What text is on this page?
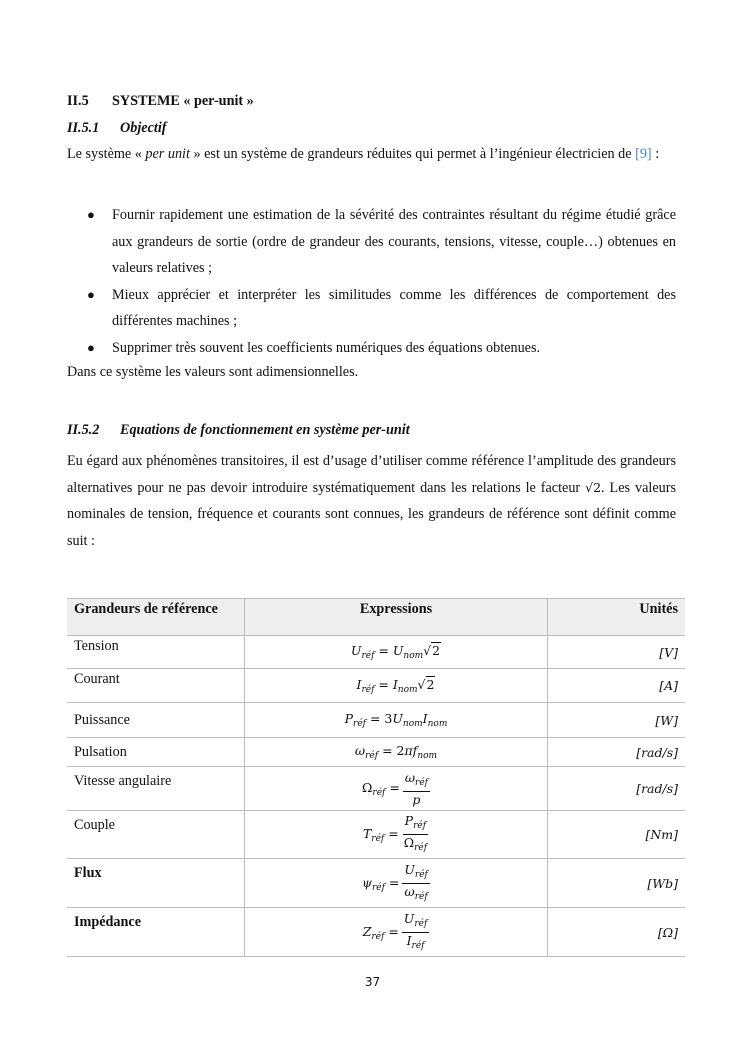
II.5 SYSTEME « per-unit »
II.5.1 Objectif
Le système « per unit » est un système de grandeurs réduites qui permet à l’ingénieur électricien de [9] :
● Fournir rapidement une estimation de la sévérité des contraintes résultant du régime étudié grâce aux grandeurs de sortie (ordre de grandeur des courants, tensions, vitesse, couple…) obtenues en valeurs relatives ;
● Mieux apprécier et interpréter les similitudes comme les différences de comportement des différentes machines ;
● Supprimer très souvent les coefficients numériques des équations obtenues.
Dans ce système les valeurs sont adimensionnelles.
II.5.2 Equations de fonctionnement en système per-unit
Eu égard aux phénomènes transitoires, il est d’usage d’utiliser comme référence l’amplitude des grandeurs alternatives pour ne pas devoir introduire systématiquement dans les relations le facteur √2. Les valeurs nominales de tension, fréquence et courants sont connues, les grandeurs de référence sont définit comme suit :
Grandeurs de référence	Expressions	Unités
Tension	$U_{réf} = U_{nom}√2$	[V]
Courant	$I_{réf} = I_{nom}√2$	[A]
Puissance	$P_{réf} = 3U_{nom}I_{nom}$	[W]
Pulsation	$\omega_{réf} = 2\pi f_{nom}$	[rad/s]
Vitesse angulaire	$\Omega_{réf} = \frac{\omega_{réf}}{p}$	[rad/s]
Couple	$T_{réf} = \frac{P_{réf}}{\Omega_{réf}}$	[Nm]
Flux	$\psi_{réf} = \frac{U_{réf}}{\omega_{réf}}$	[Wb]
Impédance	$Z_{réf} = \frac{U_{réf}}{I_{réf}}$	[Ω]
37
